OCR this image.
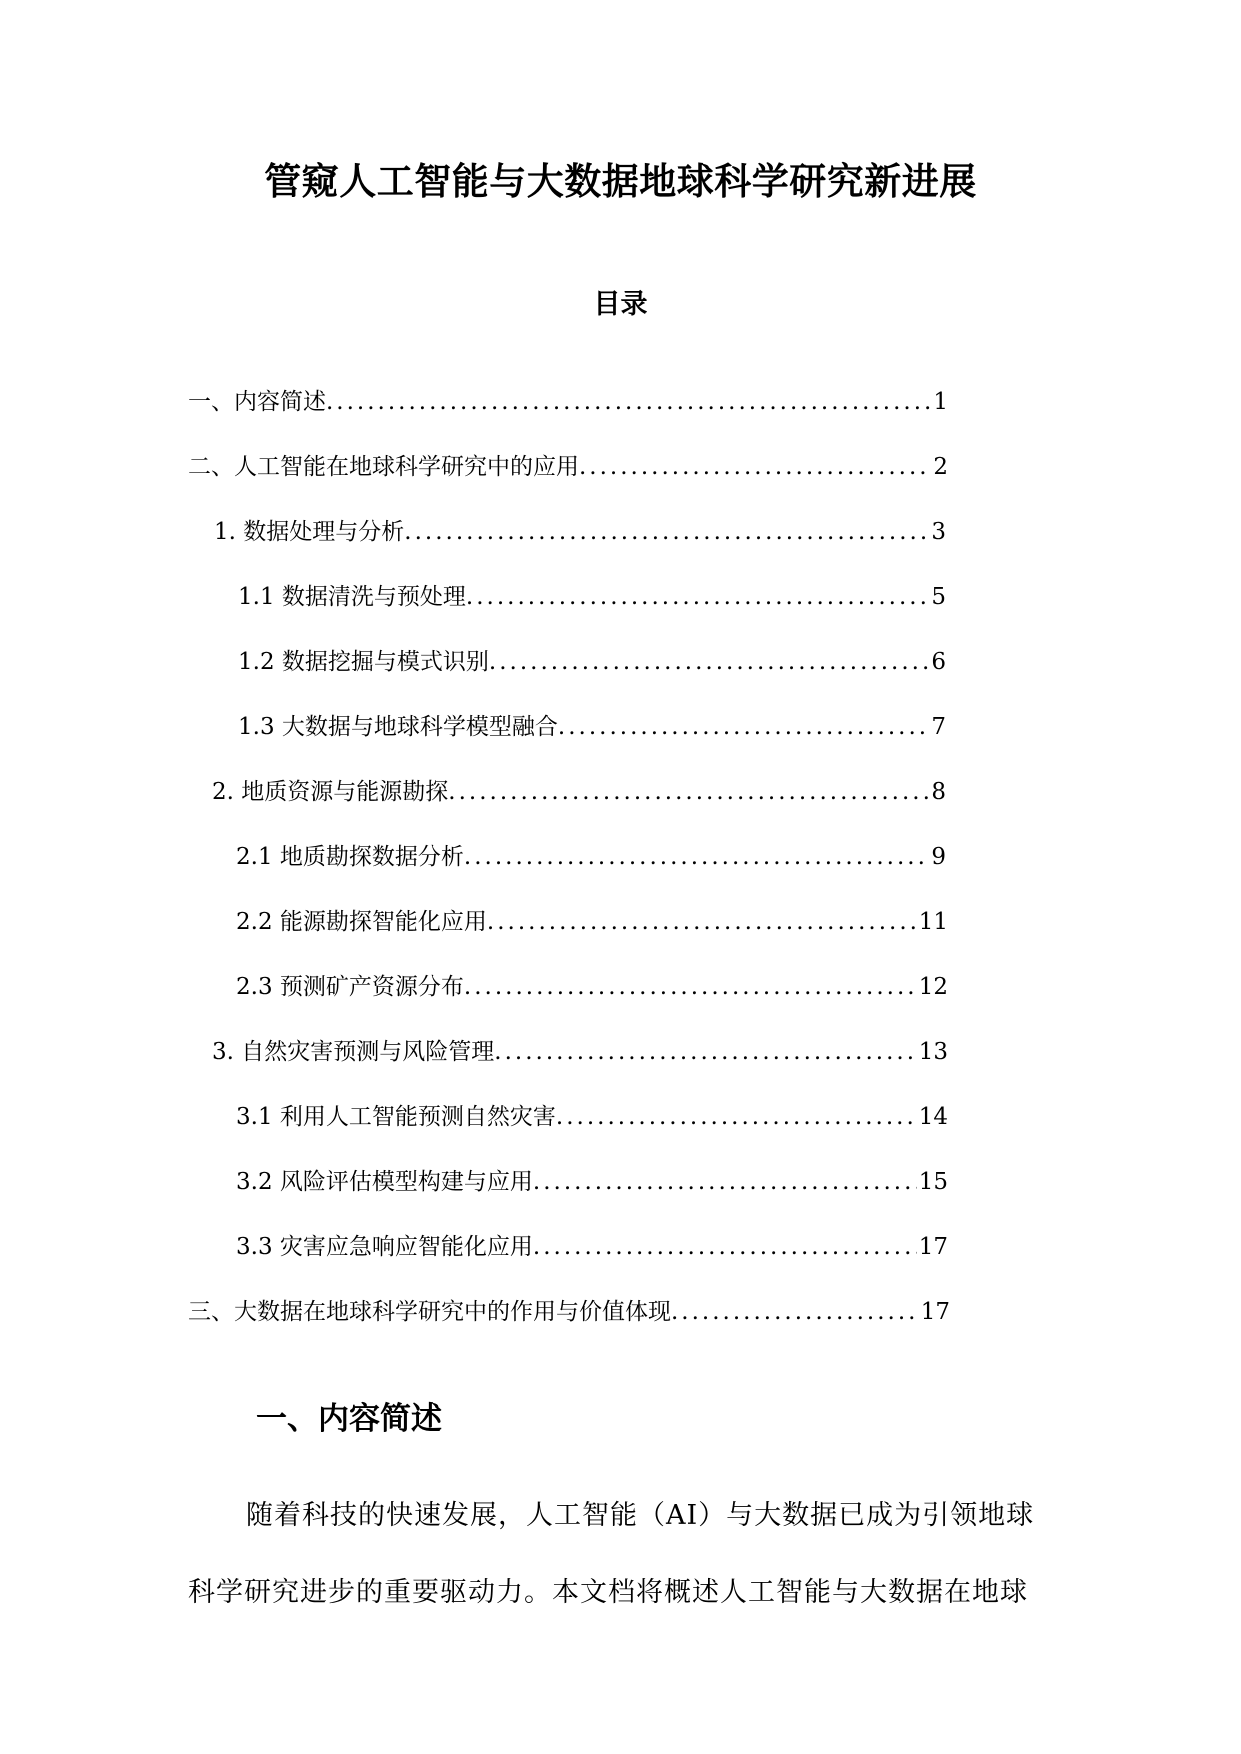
管窥人工智能与大数据地球科学研究新进展
目录
一、内容简述 .....	1
二、人工智能在地球科学研究中的应用 .....	2
1. 数据处理与分析 .....	3
1.1 数据清洗与预处理 .....	5
1.2 数据挖掘与模式识别 .....	6
1.3 大数据与地球科学模型融合 .....	7
2. 地质资源与能源勘探 .....	8
2.1 地质勘探数据分析 .....	9
2.2 能源勘探智能化应用 .....	11
2.3 预测矿产资源分布 .....	12
3. 自然灾害预测与风险管理 .....	13
3.1 利用人工智能预测自然灾害 .....	14
3.2 风险评估模型构建与应用 .....	15
3.3 灾害应急响应智能化应用 .....	17
三、大数据在地球科学研究中的作用与价值体现 .....	17
一、内容简述
随着科技的快速发展，人工智能（AI）与大数据已成为引领地球科学研究进步的重要驱动力。本文档将概述人工智能与大数据在地球
